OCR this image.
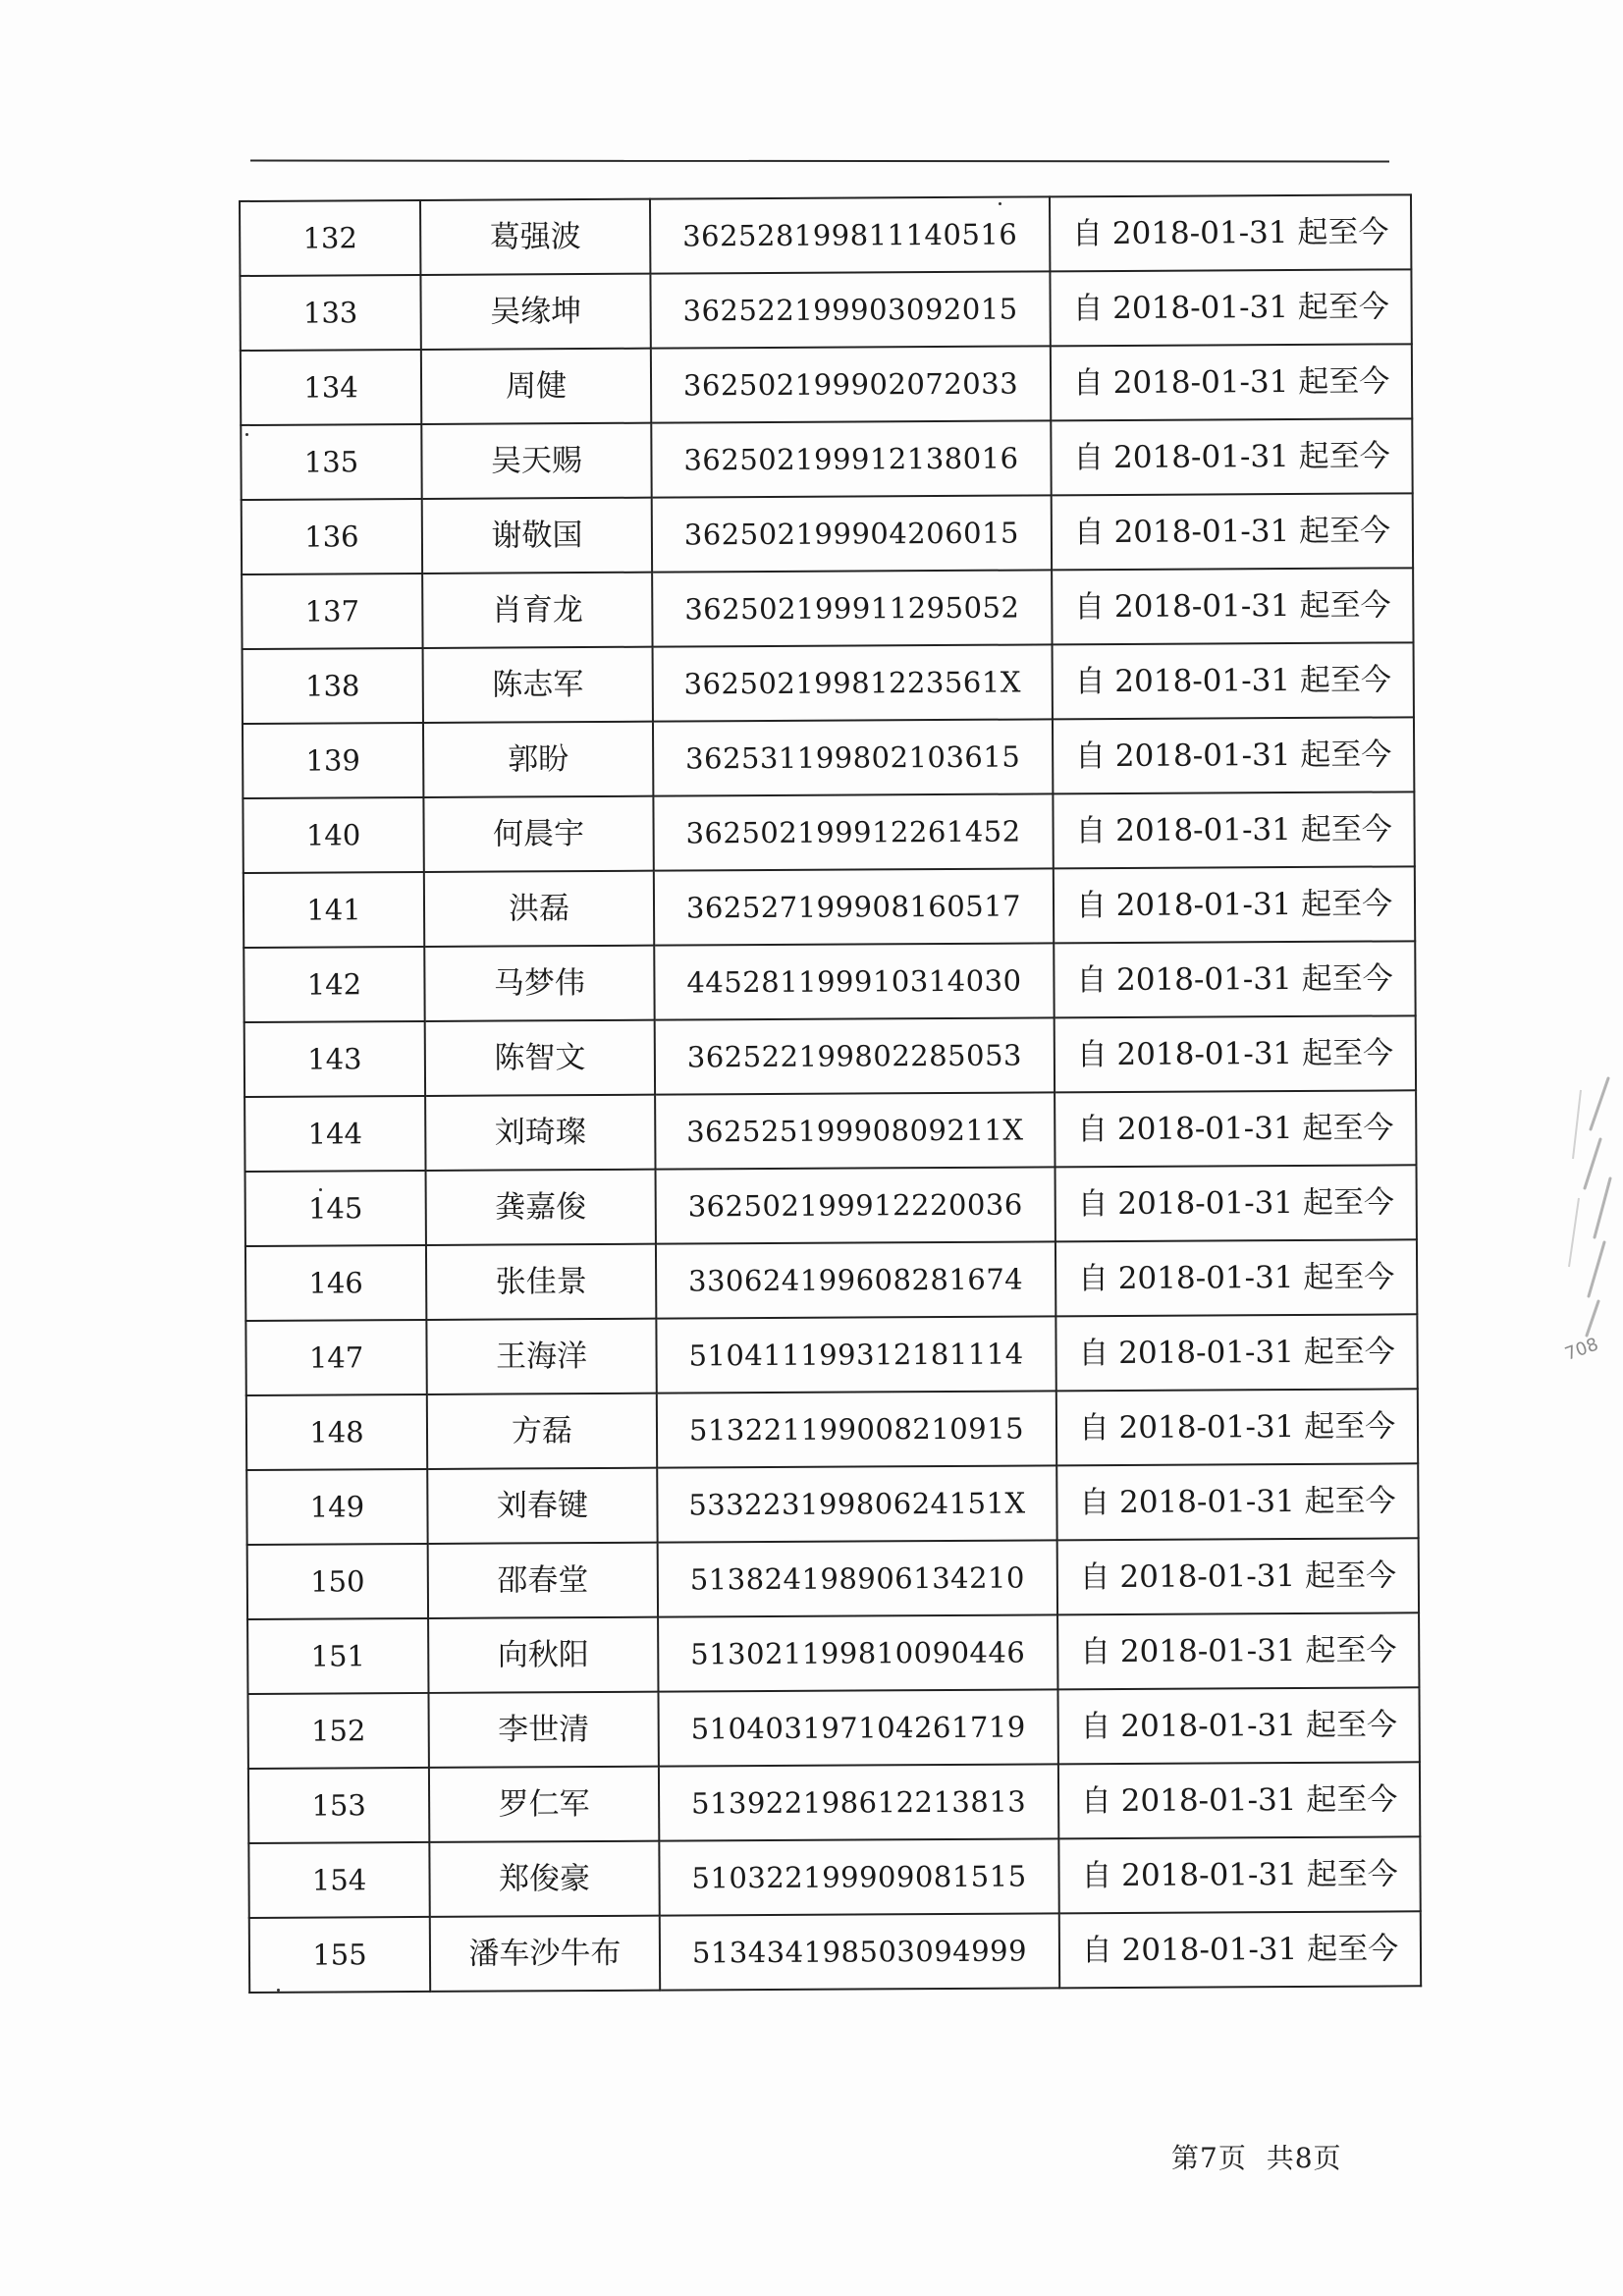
132	葛强波	362528199811140516	自 2018-01-31 起至今
133	吴缘坤	362522199903092015	自 2018-01-31 起至今
134	周健	362502199902072033	自 2018-01-31 起至今
135	吴天赐	362502199912138016	自 2018-01-31 起至今
136	谢敬国	362502199904206015	自 2018-01-31 起至今
137	肖育龙	362502199911295052	自 2018-01-31 起至今
138	陈志军	36250219981223561X	自 2018-01-31 起至今
139	郭盼	362531199802103615	自 2018-01-31 起至今
140	何晨宇	362502199912261452	自 2018-01-31 起至今
141	洪磊	362527199908160517	自 2018-01-31 起至今
142	马梦伟	445281199910314030	自 2018-01-31 起至今
143	陈智文	362522199802285053	自 2018-01-31 起至今
144	刘琦璨	36252519990809211X	自 2018-01-31 起至今
145	龚嘉俊	362502199912220036	自 2018-01-31 起至今
146	张佳景	330624199608281674	自 2018-01-31 起至今
147	王海洋	510411199312181114	自 2018-01-31 起至今
148	方磊	513221199008210915	自 2018-01-31 起至今
149	刘春键	53322319980624151X	自 2018-01-31 起至今
150	邵春堂	513824198906134210	自 2018-01-31 起至今
151	向秋阳	513021199810090446	自 2018-01-31 起至今
152	李世清	510403197104261719	自 2018-01-31 起至今
153	罗仁军	513922198612213813	自 2018-01-31 起至今
154	郑俊豪	510322199909081515	自 2018-01-31 起至今
155	潘车沙牛布	513434198503094999	自 2018-01-31 起至今
第7页 共8页
708
